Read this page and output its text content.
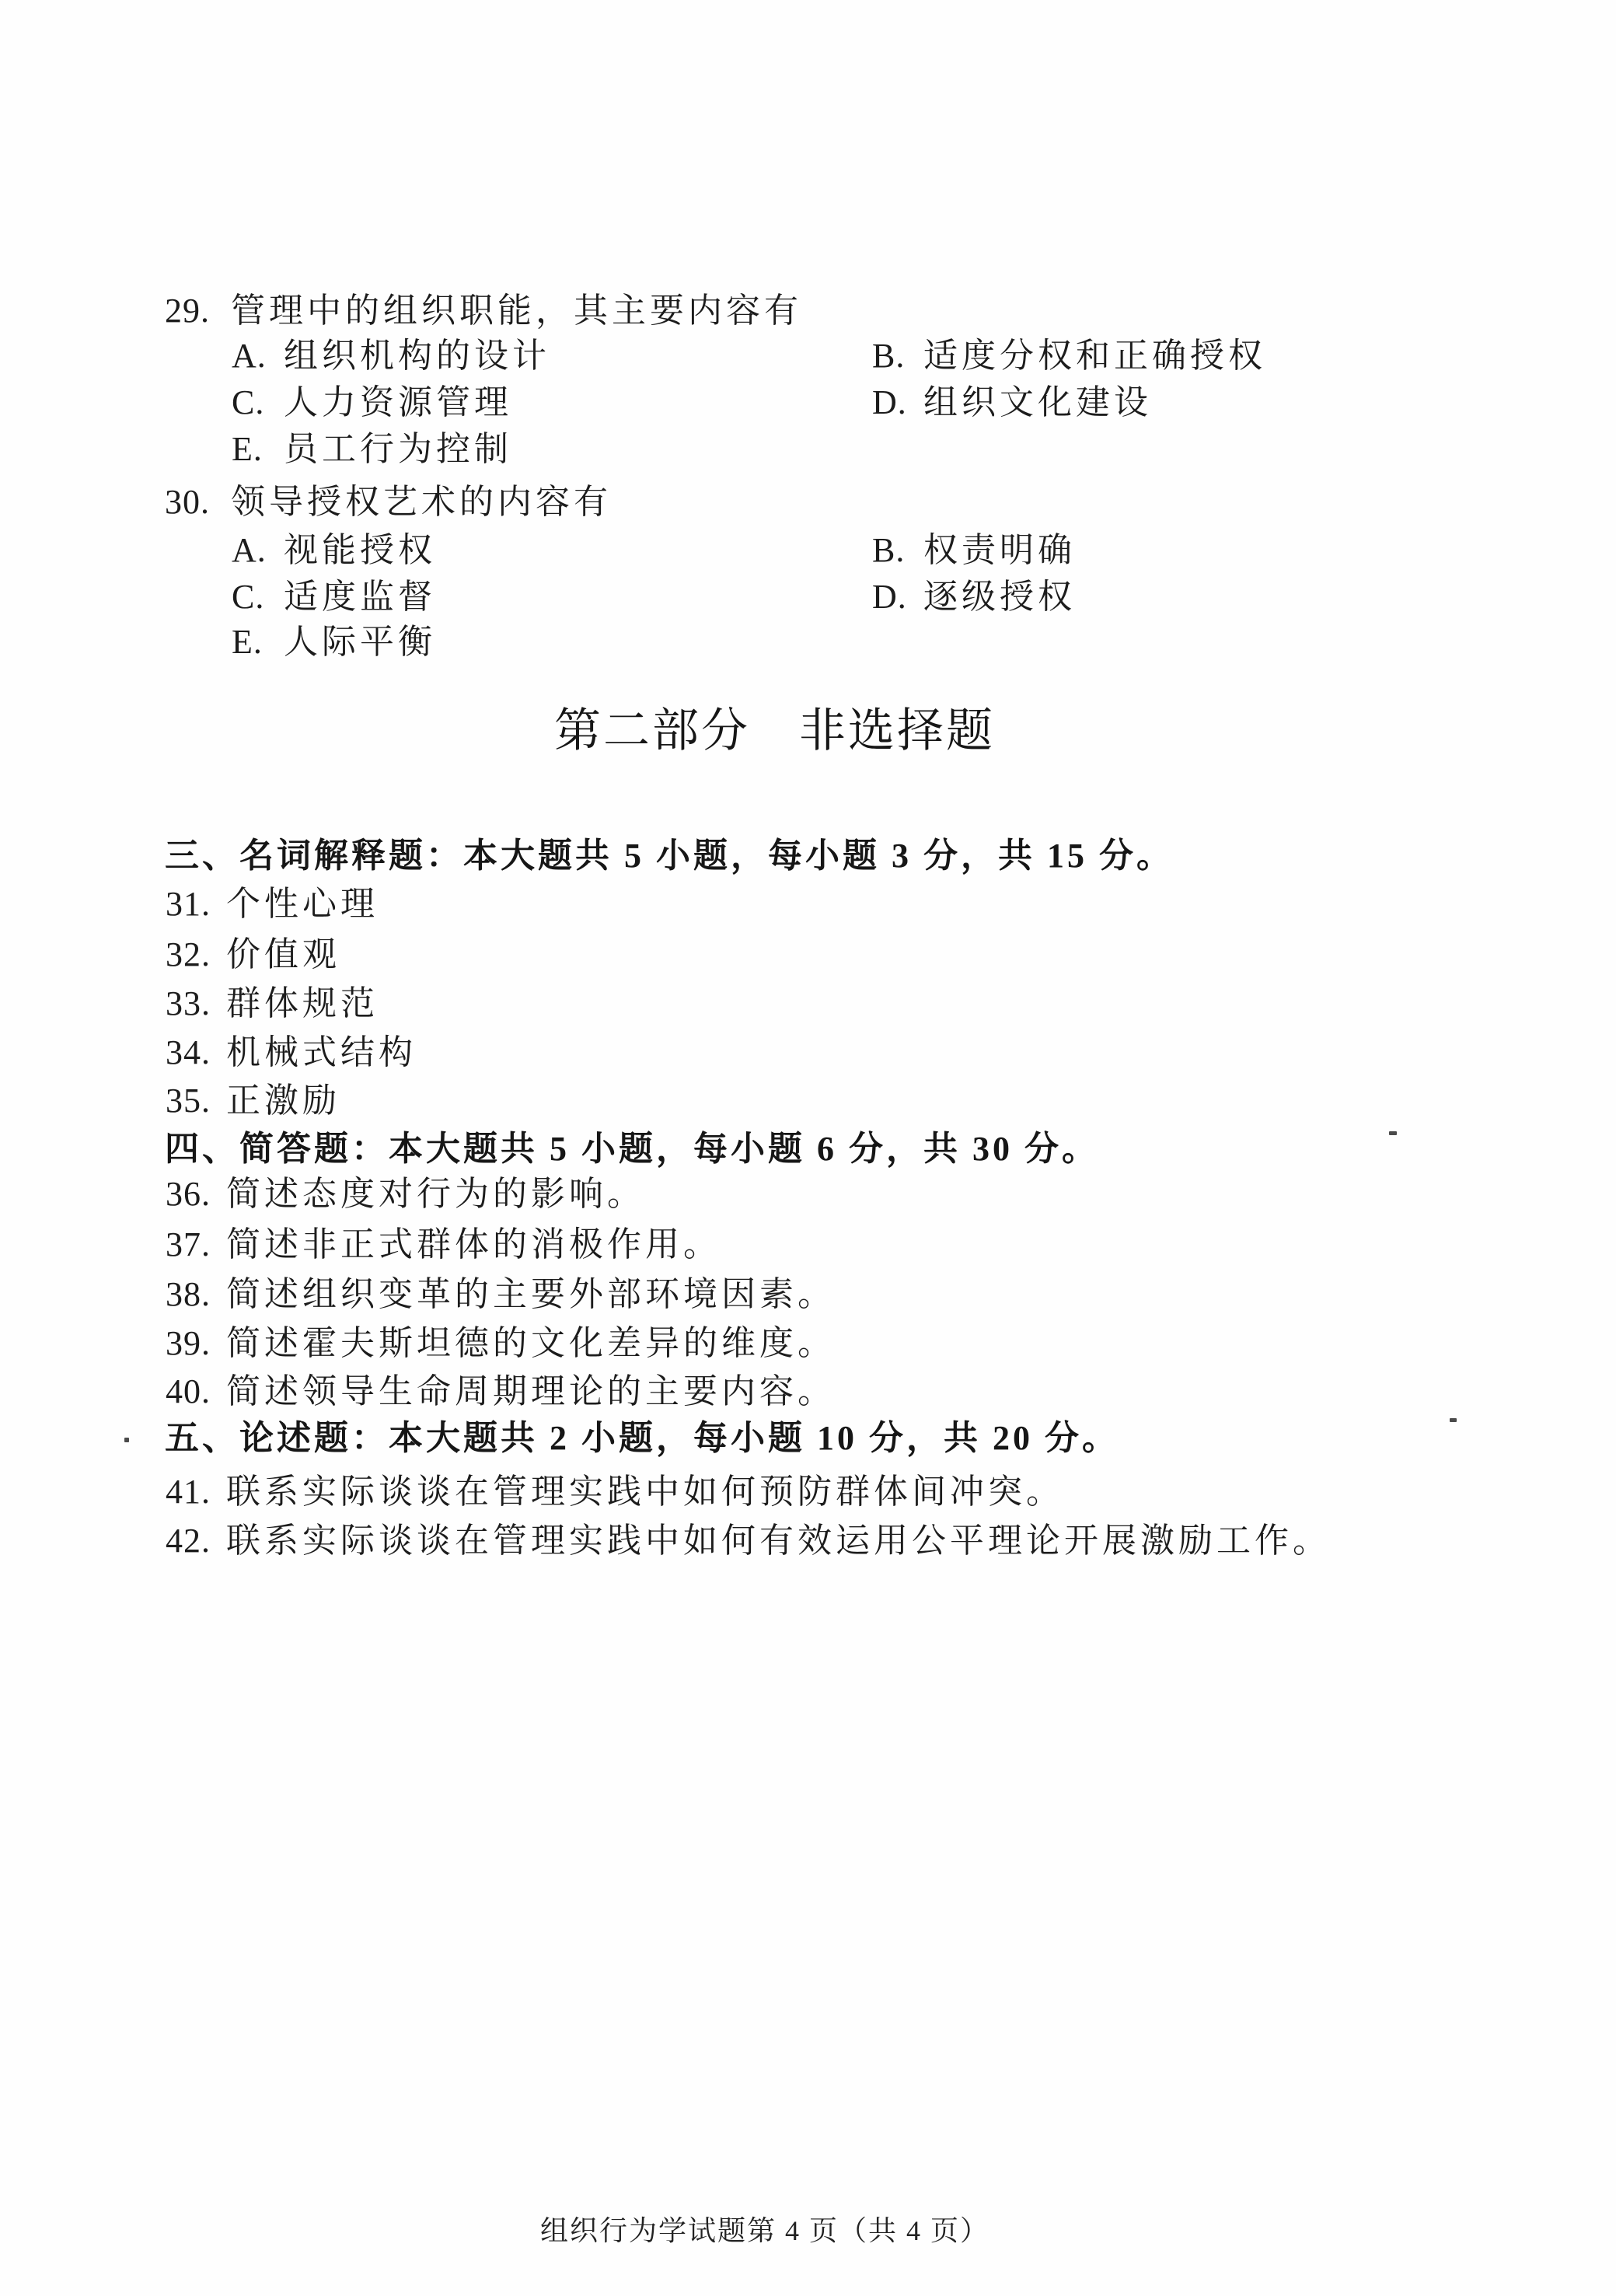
29. 管理中的组织职能，其主要内容有
A. 组织机构的设计	B. 适度分权和正确授权
C. 人力资源管理	D. 组织文化建设
E. 员工行为控制
30. 领导授权艺术的内容有
A. 视能授权	B. 权责明确
C. 适度监督	D. 逐级授权
E. 人际平衡
第二部分　非选择题
三、名词解释题：本大题共 5 小题，每小题 3 分，共 15 分。
31. 个性心理
32. 价值观
33. 群体规范
34. 机械式结构
35. 正激励
四、简答题：本大题共 5 小题，每小题 6 分，共 30 分。
36. 简述态度对行为的影响。
37. 简述非正式群体的消极作用。
38. 简述组织变革的主要外部环境因素。
39. 简述霍夫斯坦德的文化差异的维度。
40. 简述领导生命周期理论的主要内容。
五、论述题：本大题共 2 小题，每小题 10 分，共 20 分。
41. 联系实际谈谈在管理实践中如何预防群体间冲突。
42. 联系实际谈谈在管理实践中如何有效运用公平理论开展激励工作。
组织行为学试题第 4 页（共 4 页）
